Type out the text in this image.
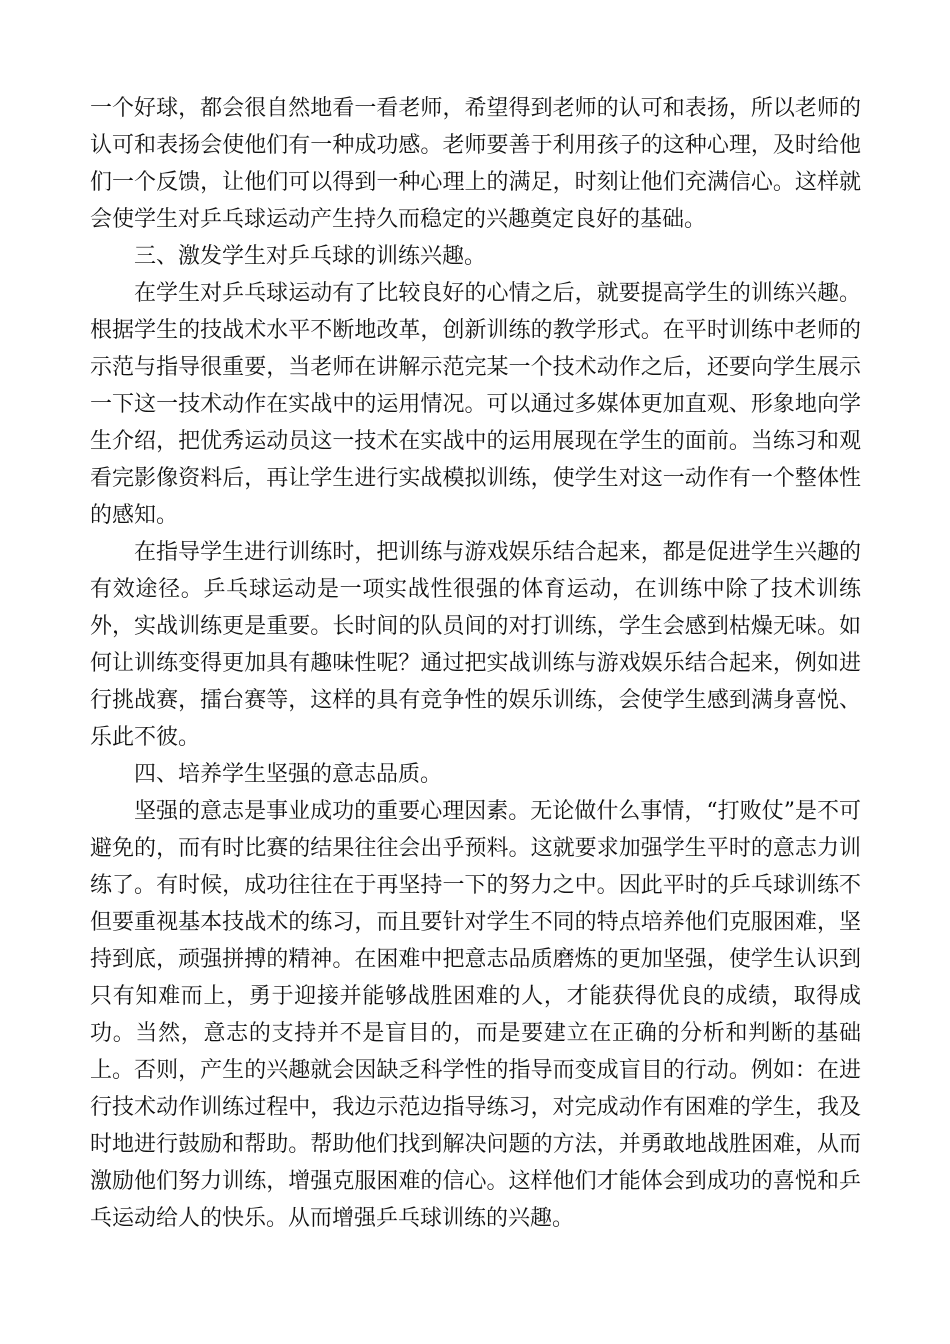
一个好球，都会很自然地看一看老师，希望得到老师的认可和表扬，所以老师的认可和表扬会使他们有一种成功感。老师要善于利用孩子的这种心理，及时给他们一个反馈，让他们可以得到一种心理上的满足，时刻让他们充满信心。这样就会使学生对乒乓球运动产生持久而稳定的兴趣奠定良好的基础。

三、激发学生对乒乓球的训练兴趣。

在学生对乒乓球运动有了比较良好的心情之后，就要提高学生的训练兴趣。根据学生的技战术水平不断地改革，创新训练的教学形式。在平时训练中老师的示范与指导很重要，当老师在讲解示范完某一个技术动作之后，还要向学生展示一下这一技术动作在实战中的运用情况。可以通过多媒体更加直观、形象地向学生介绍，把优秀运动员这一技术在实战中的运用展现在学生的面前。当练习和观看完影像资料后，再让学生进行实战模拟训练，使学生对这一动作有一个整体性的感知。

在指导学生进行训练时，把训练与游戏娱乐结合起来，都是促进学生兴趣的有效途径。乒乓球运动是一项实战性很强的体育运动，在训练中除了技术训练外，实战训练更是重要。长时间的队员间的对打训练，学生会感到枯燥无味。如何让训练变得更加具有趣味性呢？通过把实战训练与游戏娱乐结合起来，例如进行挑战赛，擂台赛等，这样的具有竞争性的娱乐训练，会使学生感到满身喜悦、乐此不彼。

四、培养学生坚强的意志品质。

坚强的意志是事业成功的重要心理因素。无论做什么事情，“打败仗”是不可避免的，而有时比赛的结果往往会出乎预料。这就要求加强学生平时的意志力训练了。有时候，成功往往在于再坚持一下的努力之中。因此平时的乒乓球训练不但要重视基本技战术的练习，而且要针对学生不同的特点培养他们克服困难，坚持到底，顽强拼搏的精神。在困难中把意志品质磨炼的更加坚强，使学生认识到只有知难而上，勇于迎接并能够战胜困难的人，才能获得优良的成绩，取得成功。当然，意志的支持并不是盲目的，而是要建立在正确的分析和判断的基础上。否则，产生的兴趣就会因缺乏科学性的指导而变成盲目的行动。例如：在进行技术动作训练过程中，我边示范边指导练习，对完成动作有困难的学生，我及时地进行鼓励和帮助。帮助他们找到解决问题的方法，并勇敢地战胜困难，从而激励他们努力训练，增强克服困难的信心。这样他们才能体会到成功的喜悦和乒乓运动给人的快乐。从而增强乒乓球训练的兴趣。
